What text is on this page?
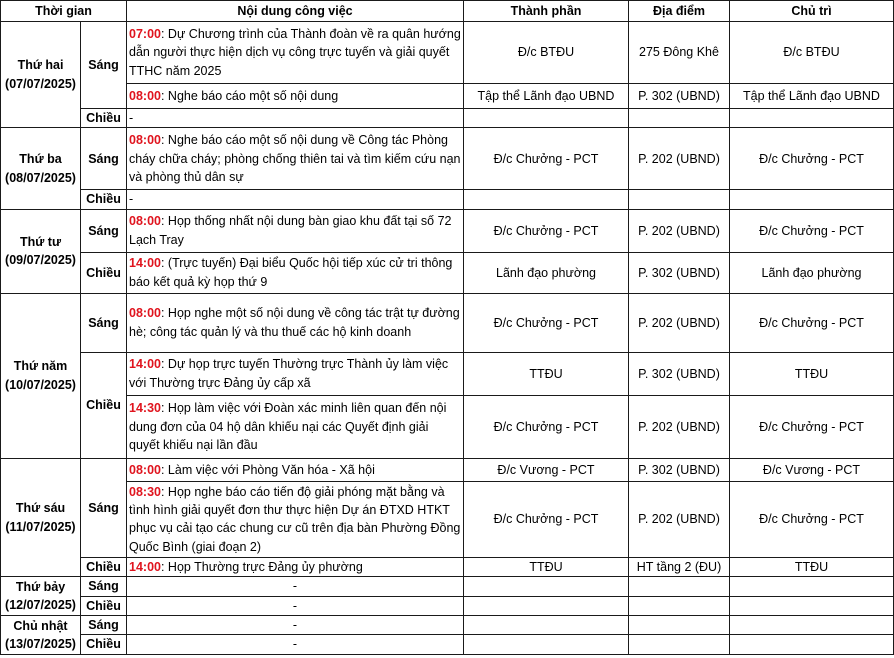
Thời gian		Nội dung công việc	Thành phần	Địa điểm	Chủ trì

Thứ hai
(07/07/2025)	Sáng	07:00: Dự Chương trình của Thành đoàn về ra quân hướng dẫn người thực hiện dịch vụ công trực tuyến và giải quyết TTHC năm 2025	Đ/c BTĐU	275 Đông Khê	Đ/c BTĐU
		08:00: Nghe báo cáo một số nội dung	Tập thể Lãnh đạo UBND	P. 302 (UBND)	Tập thể Lãnh đạo UBND
	Chiều	-			

Thứ ba
(08/07/2025)	Sáng	08:00: Nghe báo cáo một số nội dung về Công tác Phòng cháy chữa cháy; phòng chống thiên tai và tìm kiếm cứu nạn và phòng thủ dân sự	Đ/c Chưởng - PCT	P. 202 (UBND)	Đ/c Chưởng - PCT
	Chiều	-			

Thứ tư
(09/07/2025)	Sáng	08:00: Họp thống nhất nội dung bàn giao khu đất tại số 72 Lạch Tray	Đ/c Chưởng - PCT	P. 202 (UBND)	Đ/c Chưởng - PCT
	Chiều	14:00: (Trực tuyến) Đại biểu Quốc hội tiếp xúc cử tri thông báo kết quả kỳ họp thứ 9	Lãnh đạo phường	P. 302 (UBND)	Lãnh đạo phường

Thứ năm
(10/07/2025)	Sáng	08:00: Họp nghe một số nội dung về công tác trật tự đường hè; công tác quản lý và thu thuế các hộ kinh doanh	Đ/c Chưởng - PCT	P. 202 (UBND)	Đ/c Chưởng - PCT
	Chiều	14:00: Dự họp trực tuyến Thường trực Thành ủy làm việc với Thường trực Đảng ủy cấp xã	TTĐU	P. 302 (UBND)	TTĐU
		14:30: Họp làm việc với Đoàn xác minh liên quan đến nội dung đơn của 04 hộ dân khiếu nại các Quyết định giải quyết khiếu nại lần đầu	Đ/c Chưởng - PCT	P. 202 (UBND)	Đ/c Chưởng - PCT

Thứ sáu
(11/07/2025)	Sáng	08:00: Làm việc với Phòng Văn hóa - Xã hội	Đ/c Vương - PCT	P. 302 (UBND)	Đ/c Vương - PCT
		08:30: Họp nghe báo cáo tiến độ giải phóng mặt bằng và tình hình giải quyết đơn thư thực hiện Dự án ĐTXD HTKT phục vụ cải tạo các chung cư cũ trên địa bàn Phường Đồng Quốc Bình (giai đoạn 2)	Đ/c Chưởng - PCT	P. 202 (UBND)	Đ/c Chưởng - PCT
	Chiều	14:00: Họp Thường trực Đảng ủy phường	TTĐU	HT tầng 2 (ĐU)	TTĐU

Thứ bảy
(12/07/2025)	Sáng	-			
	Chiều	-			

Chủ nhật
(13/07/2025)	Sáng	-			
	Chiều	-			
